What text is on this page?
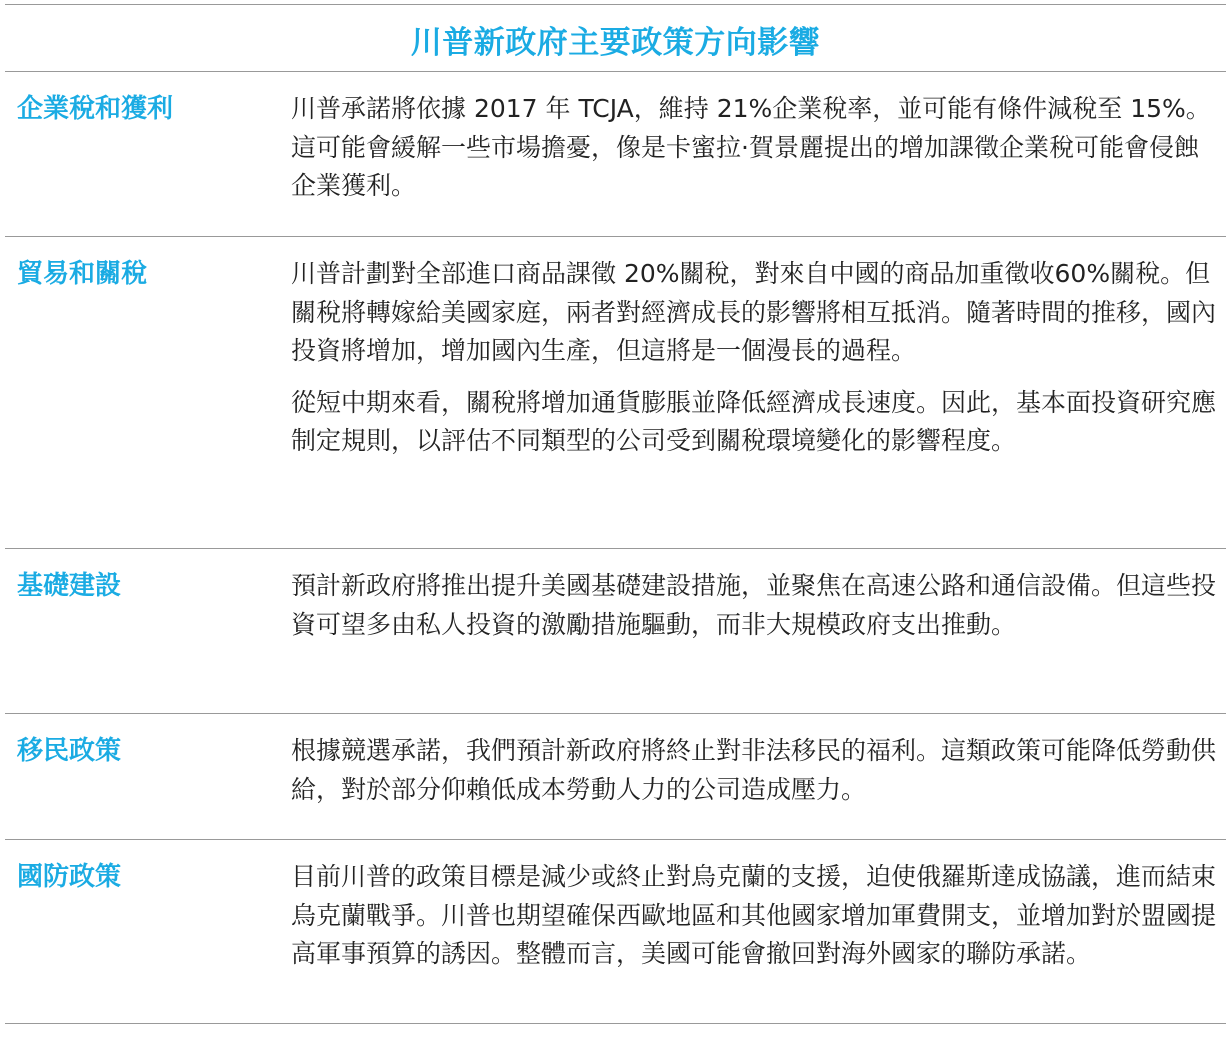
川普新政府主要政策方向影響
企業稅和獲利	川普承諾將依據 2017 年 TCJA，維持 21%企業稅率，並可能有條件減稅至 15%。這可能會緩解一些市場擔憂，像是卡蜜拉·賀景麗提出的增加課徵企業稅可能會侵蝕企業獲利。

貿易和關稅	川普計劃對全部進口商品課徵 20%關稅，對來自中國的商品加重徵收60%關稅。但關稅將轉嫁給美國家庭，兩者對經濟成長的影響將相互抵消。隨著時間的推移，國內投資將增加，增加國內生產，但這將是一個漫長的過程。

從短中期來看，關稅將增加通貨膨脹並降低經濟成長速度。因此，基本面投資研究應制定規則，以評估不同類型的公司受到關稅環境變化的影響程度。

基礎建設	預計新政府將推出提升美國基礎建設措施，並聚焦在高速公路和通信設備。但這些投資可望多由私人投資的激勵措施驅動，而非大規模政府支出推動。

移民政策	根據競選承諾，我們預計新政府將終止對非法移民的福利。這類政策可能降低勞動供給，對於部分仰賴低成本勞動人力的公司造成壓力。

國防政策	目前川普的政策目標是減少或終止對烏克蘭的支援，迫使俄羅斯達成協議，進而結束烏克蘭戰爭。川普也期望確保西歐地區和其他國家增加軍費開支，並增加對於盟國提高軍事預算的誘因。整體而言，美國可能會撤回對海外國家的聯防承諾。
